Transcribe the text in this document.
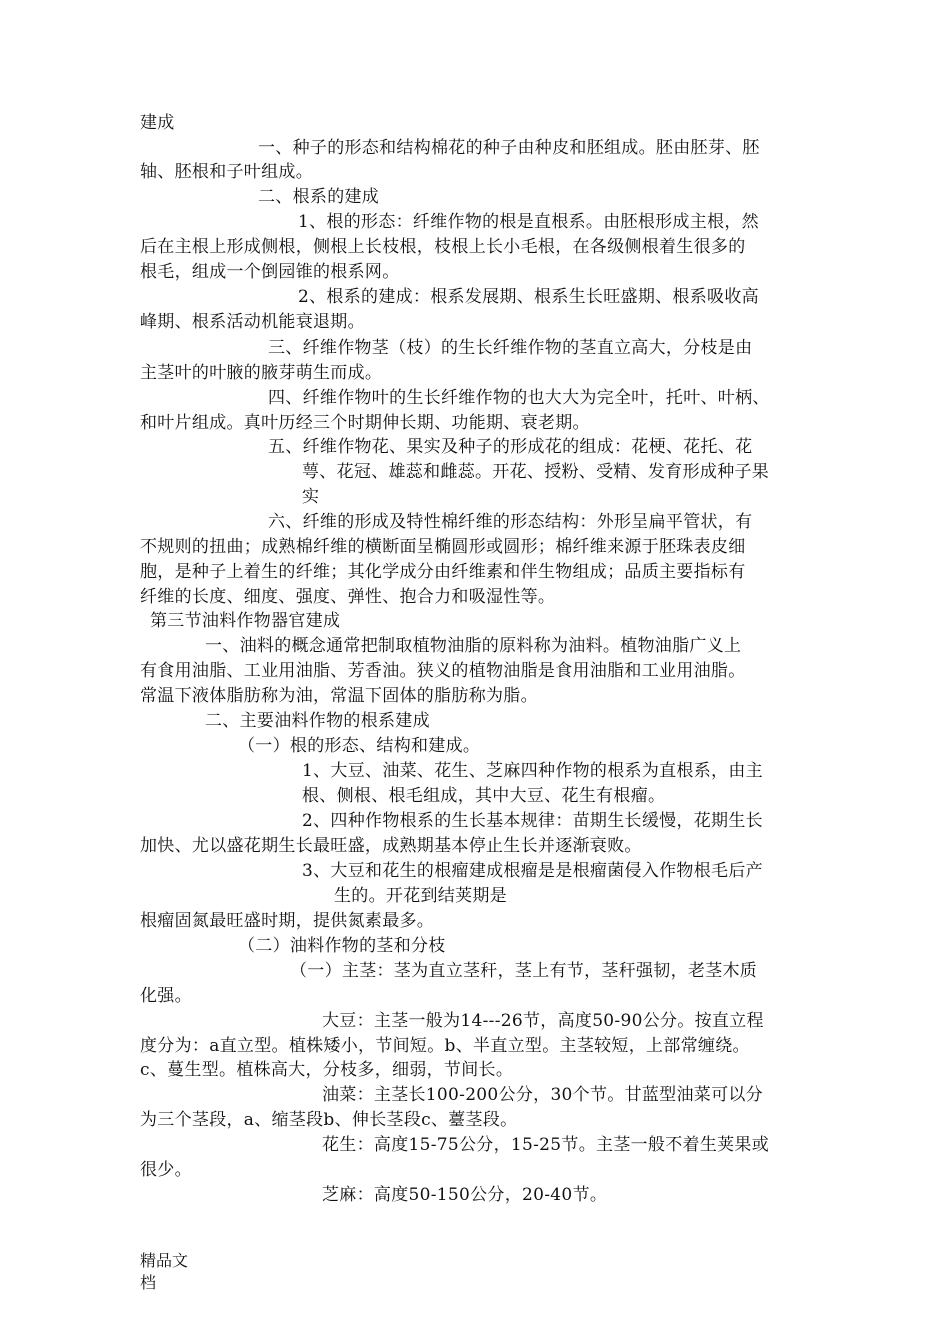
建成
一、种子的形态和结构棉花的种子由种皮和胚组成。胚由胚芽、胚
轴、胚根和子叶组成。
二、根系的建成
1、根的形态：纤维作物的根是直根系。由胚根形成主根，然
后在主根上形成侧根，侧根上长枝根，枝根上长小毛根，在各级侧根着生很多的
根毛，组成一个倒园锥的根系网。
2、根系的建成：根系发展期、根系生长旺盛期、根系吸收高
峰期、根系活动机能衰退期。
三、纤维作物茎（枝）的生长纤维作物的茎直立高大，分枝是由
主茎叶的叶腋的腋芽萌生而成。
四、纤维作物叶的生长纤维作物的也大大为完全叶，托叶、叶柄、
和叶片组成。真叶历经三个时期伸长期、功能期、衰老期。
五、纤维作物花、果实及种子的形成花的组成：花梗、花托、花
萼、花冠、雄蕊和雌蕊。开花、授粉、受精、发育形成种子果
实
六、纤维的形成及特性棉纤维的形态结构：外形呈扁平管状，有
不规则的扭曲；成熟棉纤维的横断面呈椭圆形或圆形；棉纤维来源于胚珠表皮细
胞，是种子上着生的纤维；其化学成分由纤维素和伴生物组成；品质主要指标有
纤维的长度、细度、强度、弹性、抱合力和吸湿性等。
第三节油料作物器官建成
一、油料的概念通常把制取植物油脂的原料称为油料。植物油脂广义上
有食用油脂、工业用油脂、芳香油。狭义的植物油脂是食用油脂和工业用油脂。
常温下液体脂肪称为油，常温下固体的脂肪称为脂。
二、主要油料作物的根系建成
（一）根的形态、结构和建成。
1、大豆、油菜、花生、芝麻四种作物的根系为直根系，由主
根、侧根、根毛组成，其中大豆、花生有根瘤。
2、四种作物根系的生长基本规律：苗期生长缓慢，花期生长
加快、尤以盛花期生长最旺盛，成熟期基本停止生长并逐渐衰败。
3、大豆和花生的根瘤建成根瘤是是根瘤菌侵入作物根毛后产
生的。开花到结荚期是
根瘤固氮最旺盛时期，提供氮素最多。
（二）油料作物的茎和分枝
（一）主茎：茎为直立茎秆，茎上有节，茎秆强韧，老茎木质
化强。
大豆：主茎一般为14---26节，高度50-90公分。按直立程
度分为：a直立型。植株矮小，节间短。b、半直立型。主茎较短，上部常缠绕。
c、蔓生型。植株高大，分枝多，细弱，节间长。
油菜：主茎长100-200公分，30个节。甘蓝型油菜可以分
为三个茎段，a、缩茎段b、伸长茎段c、薹茎段。
花生：高度15-75公分，15-25节。主茎一般不着生荚果或
很少。
芝麻：高度50-150公分，20-40节。
精品文
档
